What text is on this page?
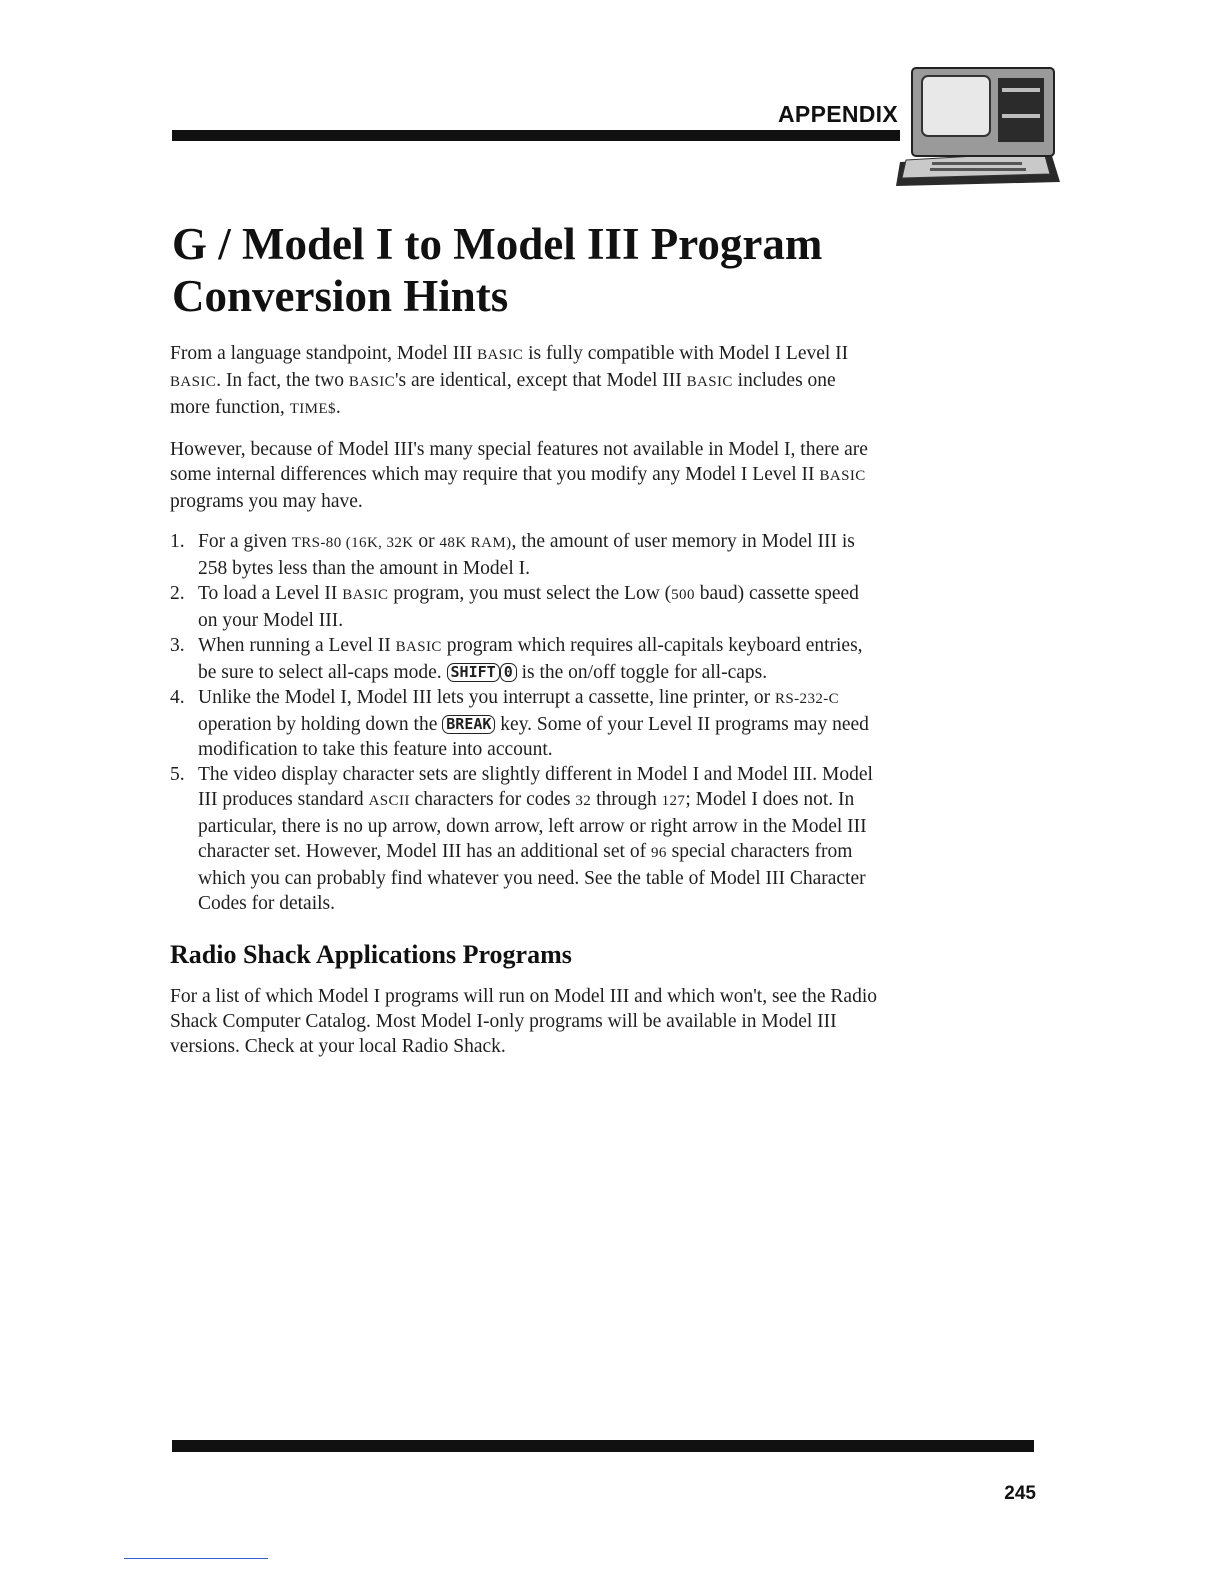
APPENDIX
G / Model I to Model III Program
Conversion Hints

From a language standpoint, Model III BASIC is fully compatible with Model I Level II BASIC. In fact, the two BASIC's are identical, except that Model III BASIC includes one more function, TIME$.

However, because of Model III's many special features not available in Model I, there are some internal differences which may require that you modify any Model I Level II BASIC programs you may have.

1. For a given TRS-80 (16K, 32K or 48K RAM), the amount of user memory in Model III is 258 bytes less than the amount in Model I.
2. To load a Level II BASIC program, you must select the Low (500 baud) cassette speed on your Model III.
3. When running a Level II BASIC program which requires all-capitals keyboard entries, be sure to select all-caps mode. SHIFT 0 is the on/off toggle for all-caps.
4. Unlike the Model I, Model III lets you interrupt a cassette, line printer, or RS-232-C operation by holding down the BREAK key. Some of your Level II programs may need modification to take this feature into account.
5. The video display character sets are slightly different in Model I and Model III. Model III produces standard ASCII characters for codes 32 through 127; Model I does not. In particular, there is no up arrow, down arrow, left arrow or right arrow in the Model III character set. However, Model III has an additional set of 96 special characters from which you can probably find whatever you need. See the table of Model III Character Codes for details.
Radio Shack Applications Programs

For a list of which Model I programs will run on Model III and which won't, see the Radio Shack Computer Catalog. Most Model I-only programs will be available in Model III versions. Check at your local Radio Shack.

245
